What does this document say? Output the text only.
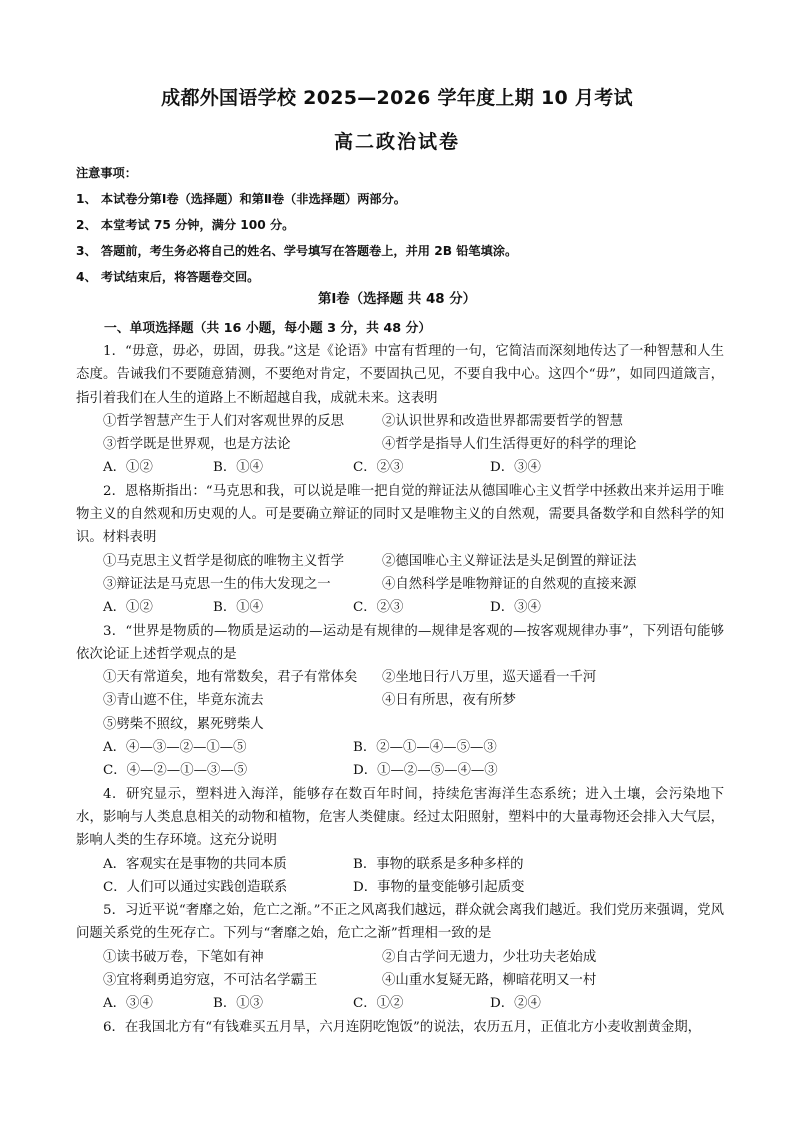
成都外国语学校 2025—2026 学年度上期 10 月考试
高二政治试卷
注意事项：
1、 本试卷分第Ⅰ卷（选择题）和第Ⅱ卷（非选择题）两部分。
2、 本堂考试 75 分钟，满分 100 分。
3、 答题前，考生务必将自己的姓名、学号填写在答题卷上，并用 2B 铅笔填涂。
4、 考试结束后，将答题卷交回。
第Ⅰ卷（选择题 共 48 分）
一、单项选择题（共 16 小题，每小题 3 分，共 48 分）

1．“毋意，毋必，毋固，毋我。”这是《论语》中富有哲理的一句，它简洁而深刻地传达了一种智慧和人生态度。告诫我们不要随意猜测，不要绝对肯定，不要固执己见，不要自我中心。这四个“毋”，如同四道箴言，指引着我们在人生的道路上不断超越自我，成就未来。这表明

①哲学智慧产生于人们对客观世界的反思	②认识世界和改造世界都需要哲学的智慧
③哲学既是世界观，也是方法论	④哲学是指导人们生活得更好的科学的理论
A．①②	B．①④	C．②③	D．③④

2．恩格斯指出：“马克思和我，可以说是唯一把自觉的辩证法从德国唯心主义哲学中拯救出来并运用于唯物主义的自然观和历史观的人。可是要确立辩证的同时又是唯物主义的自然观，需要具备数学和自然科学的知识。材料表明

①马克思主义哲学是彻底的唯物主义哲学	②德国唯心主义辩证法是头足倒置的辩证法
③辩证法是马克思一生的伟大发现之一	④自然科学是唯物辩证的自然观的直接来源
A．①②	B．①④	C．②③	D．③④

3．“世界是物质的—物质是运动的—运动是有规律的—规律是客观的—按客观规律办事”，下列语句能够依次论证上述哲学观点的是

①天有常道矣，地有常数矣，君子有常体矣 ②坐地日行八万里，巡天遥看一千河
③青山遮不住，毕竟东流去	④日有所思，夜有所梦
⑤劈柴不照纹，累死劈柴人
A．④—③—②—①—⑤	B．②—①—④—⑤—③
C．④—②—①—③—⑤	D．①—②—⑤—④—③

4．研究显示，塑料进入海洋，能够存在数百年时间，持续危害海洋生态系统；进入土壤，会污染地下水，影响与人类息息相关的动物和植物，危害人类健康。经过太阳照射，塑料中的大量毒物还会排入大气层，影响人类的生存环境。这充分说明

A．客观实在是事物的共同本质	B．事物的联系是多种多样的
C．人们可以通过实践创造联系	D．事物的量变能够引起质变

5．习近平说“奢靡之始，危亡之渐。”不正之风离我们越远，群众就会离我们越近。我们党历来强调，党风问题关系党的生死存亡。下列与“奢靡之始，危亡之渐”哲理相一致的是

①读书破万卷，下笔如有神	②自古学问无遗力，少壮功夫老始成
③宜将剩勇追穷寇，不可沽名学霸王	④山重水复疑无路，柳暗花明又一村
A．③④	B．①③	C．①②	D．②④

6．在我国北方有“有钱难买五月旱，六月连阴吃饱饭”的说法，农历五月，正值北方小麦收割黄金期，
